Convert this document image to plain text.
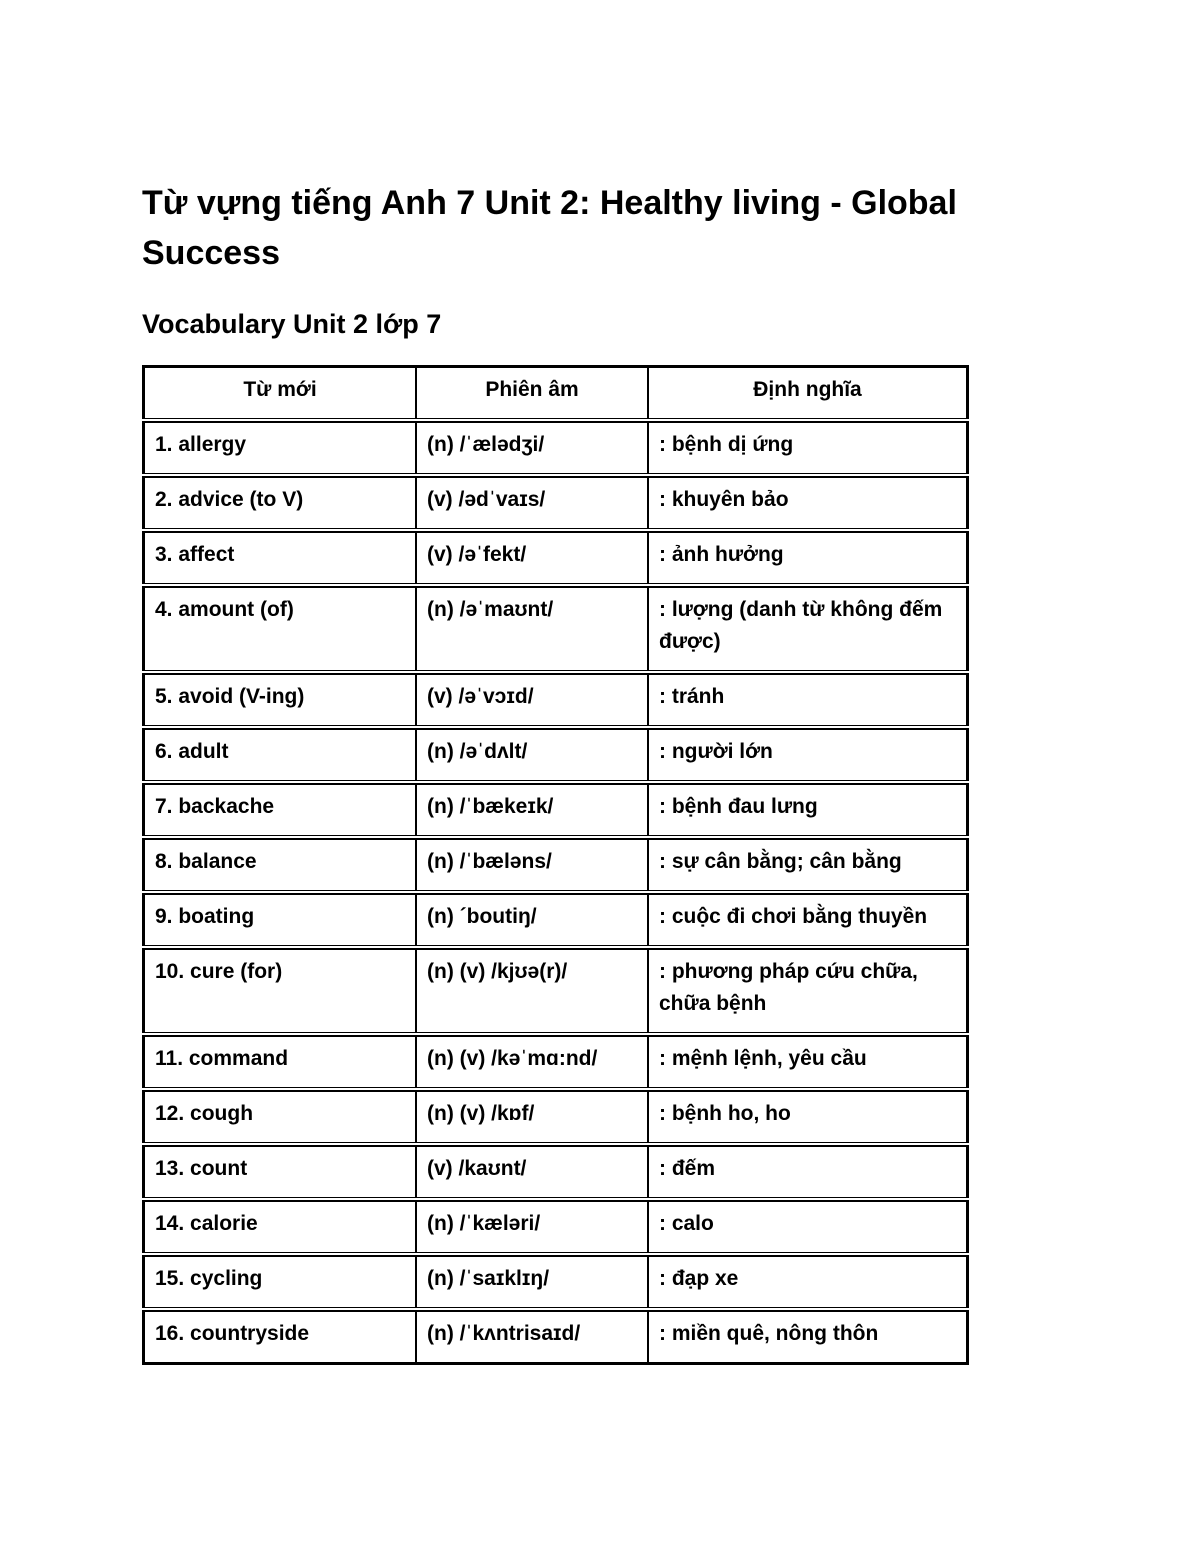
Từ vựng tiếng Anh 7 Unit 2: Healthy living - Global Success
Vocabulary Unit 2 lớp 7
Từ mới	Phiên âm	Định nghĩa
1. allergy	(n) /ˈælədʒi/	: bệnh dị ứng
2. advice (to V)	(v) /ədˈvaɪs/	: khuyên bảo
3. affect	(v) /əˈfekt/	: ảnh hưởng
4. amount (of)	(n) /əˈmaʊnt/	: lượng (danh từ không đếm được)
5. avoid (V-ing)	(v) /əˈvɔɪd/	: tránh
6. adult	(n) /əˈdʌlt/	: người lớn
7. backache	(n) /ˈbækeɪk/	: bệnh đau lưng
8. balance	(n) /ˈbæləns/	: sự cân bằng; cân bằng
9. boating	(n) ´boutiŋ/	: cuộc đi chơi bằng thuyền
10. cure (for)	(n) (v) /kjʊə(r)/	: phương pháp cứu chữa, chữa bệnh
11. command	(n) (v) /kəˈmɑ:nd/	: mệnh lệnh, yêu cầu
12. cough	(n) (v) /kɒf/	: bệnh ho, ho
13. count	(v) /kaʊnt/	: đếm
14. calorie	(n) /ˈkæləri/	: calo
15. cycling	(n) /ˈsaɪklɪŋ/	: đạp xe
16. countryside	(n) /ˈkʌntrisaɪd/	: miền quê, nông thôn
